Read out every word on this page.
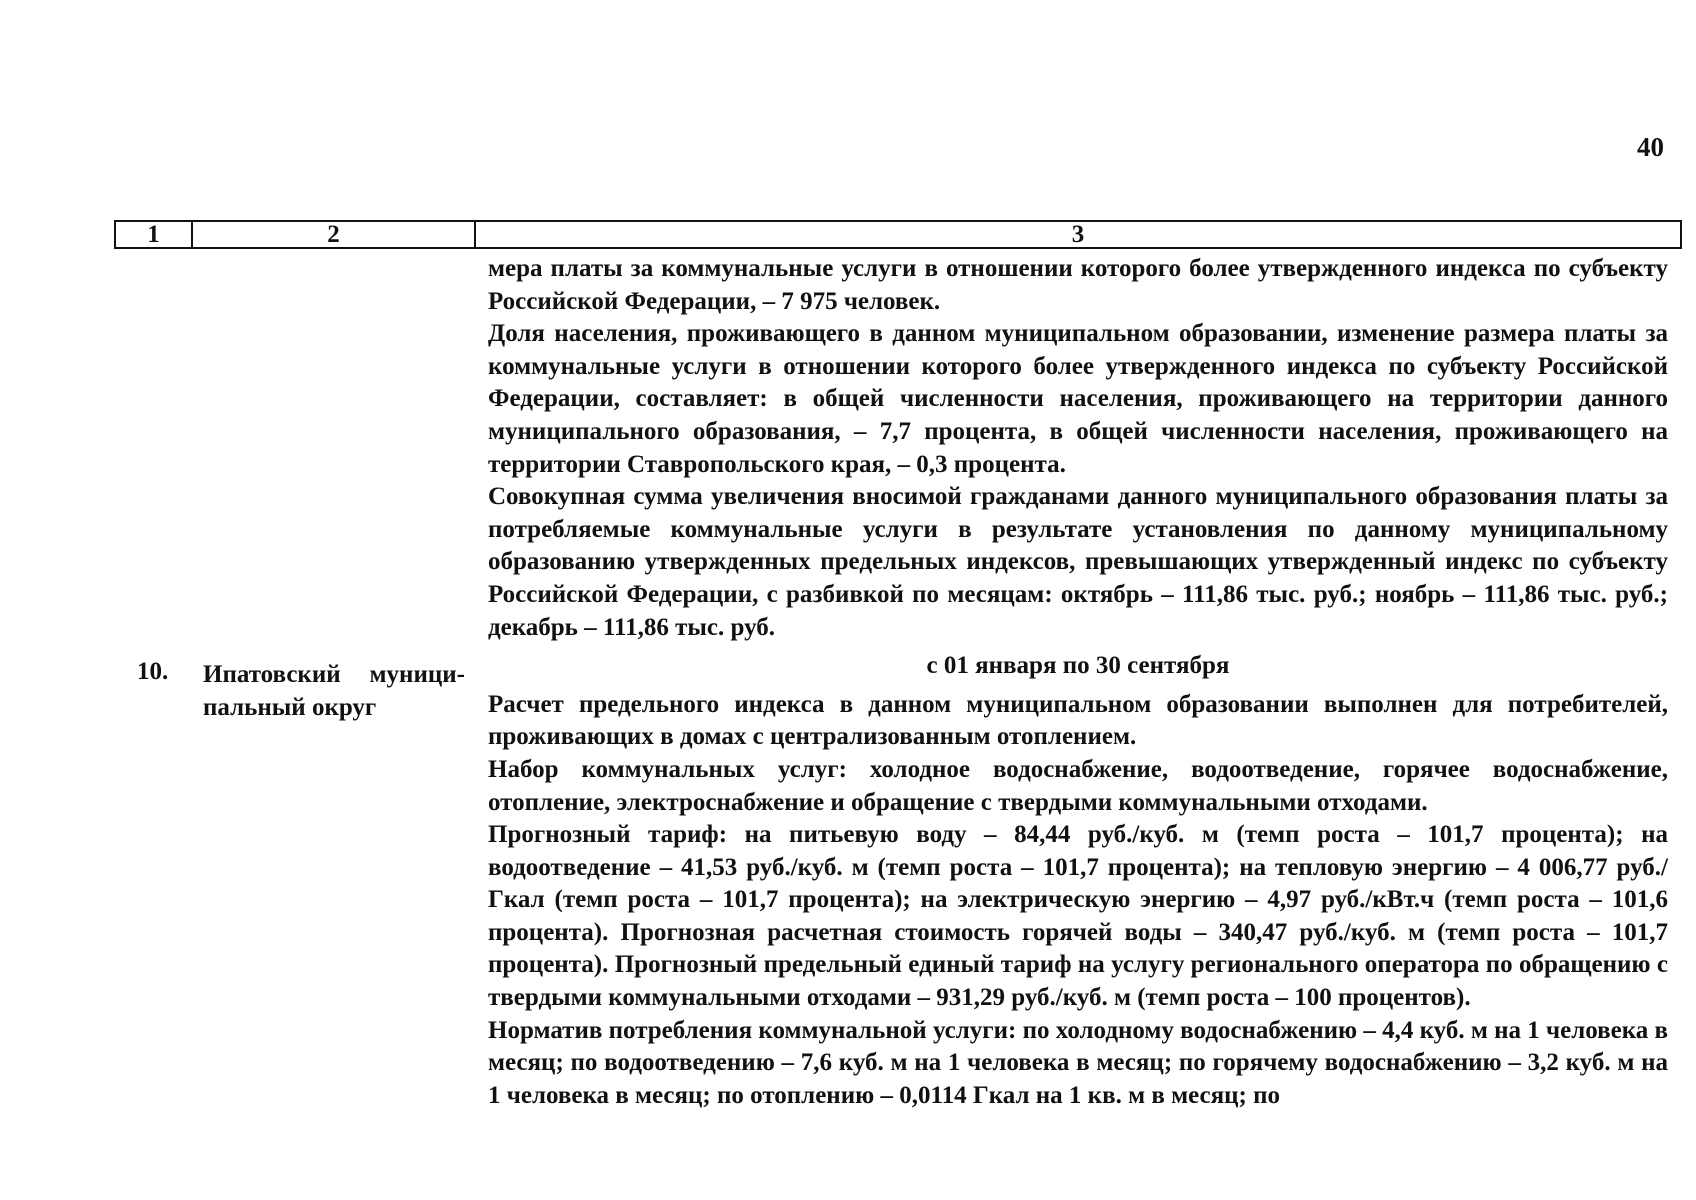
40
1	2	3
10. Ипатовский муници-
пальный округ

мера платы за коммунальные услуги в отношении которого более утвержденного индекса по субъекту Российской Федерации, – 7 975 человек.

Доля населения, проживающего в данном муниципальном образовании, изменение размера платы за коммунальные услуги в отношении которого более утвержденного индекса по субъекту Российской Федерации, составляет: в общей численности населения, проживающего на территории данного муниципального образования, – 7,7 процента, в общей численности населения, проживающего на территории Ставропольского края, – 0,3 процента.

Совокупная сумма увеличения вносимой гражданами данного муниципального образования платы за потребляемые коммунальные услуги в результате установления по данному муниципальному образованию утвержденных предельных индексов, превышающих утвержденный индекс по субъекту Российской Федерации, с разбивкой по месяцам: октябрь – 111,86 тыс. руб.; ноябрь – 111,86 тыс. руб.; декабрь – 111,86 тыс. руб.

с 01 января по 30 сентября

Расчет предельного индекса в данном муниципальном образовании выполнен для потребителей, проживающих в домах с централизованным отоплением.

Набор коммунальных услуг: холодное водоснабжение, водоотведение, горячее водоснабжение, отопление, электроснабжение и обращение с твердыми коммунальными отходами.

Прогнозный тариф: на питьевую воду – 84,44 руб./куб. м (темп роста – 101,7 процента); на водоотведение – 41,53 руб./куб. м (темп роста – 101,7 процента); на тепловую энергию – 4 006,77 руб./Гкал (темп роста – 101,7 процента); на электрическую энергию – 4,97 руб./кВт.ч (темп роста – 101,6 процента). Прогнозная расчетная стоимость горячей воды – 340,47 руб./куб. м (темп роста – 101,7 процента). Прогнозный предельный единый тариф на услугу регионального оператора по обращению с твердыми коммунальными отходами – 931,29 руб./куб. м (темп роста – 100 процентов).

Норматив потребления коммунальной услуги: по холодному водоснабжению – 4,4 куб. м на 1 человека в месяц; по водоотведению – 7,6 куб. м на 1 человека в месяц; по горячему водоснабжению – 3,2 куб. м на 1 человека в месяц; по отоплению – 0,0114 Гкал на 1 кв. м в месяц; по
